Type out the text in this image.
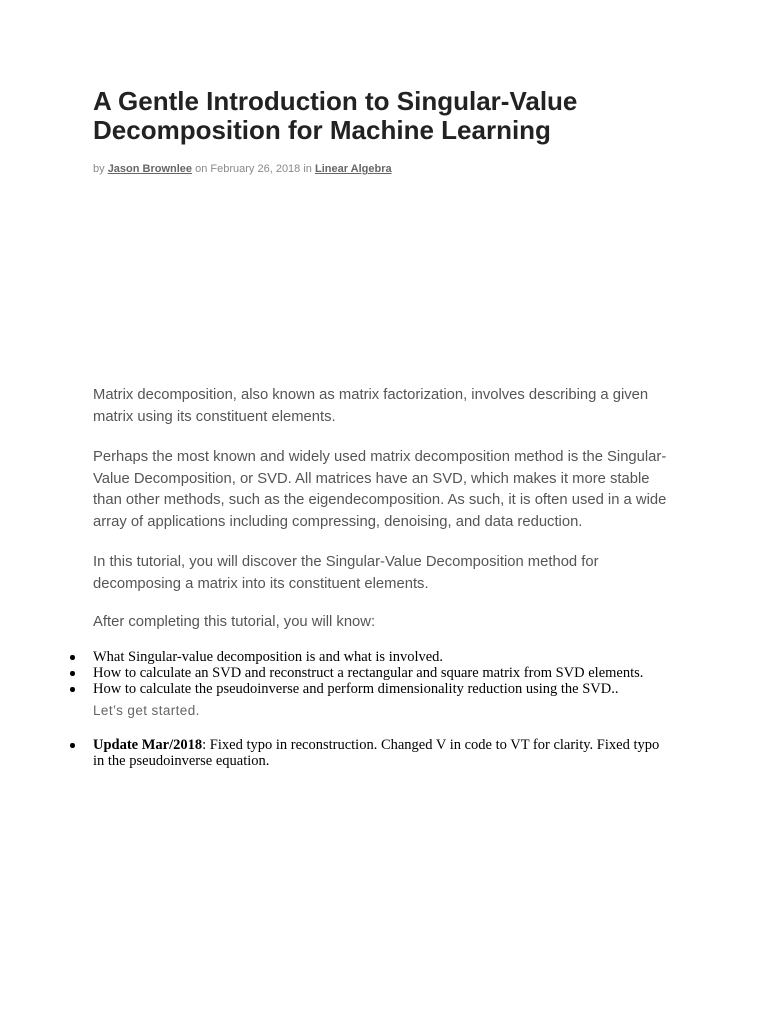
A Gentle Introduction to Singular-Value
Decomposition for Machine Learning
by Jason Brownlee on February 26, 2018 in Linear Algebra
Matrix decomposition, also known as matrix factorization, involves describing a given
matrix using its constituent elements.
Perhaps the most known and widely used matrix decomposition method is the Singular-
Value Decomposition, or SVD. All matrices have an SVD, which makes it more stable
than other methods, such as the eigendecomposition. As such, it is often used in a wide
array of applications including compressing, denoising, and data reduction.
In this tutorial, you will discover the Singular-Value Decomposition method for
decomposing a matrix into its constituent elements.
After completing this tutorial, you will know:
What Singular-value decomposition is and what is involved.
How to calculate an SVD and reconstruct a rectangular and square matrix from SVD elements.
How to calculate the pseudoinverse and perform dimensionality reduction using the SVD..
Let’s get started.
Update Mar/2018: Fixed typo in reconstruction. Changed V in code to VT for clarity. Fixed typo
in the pseudoinverse equation.
